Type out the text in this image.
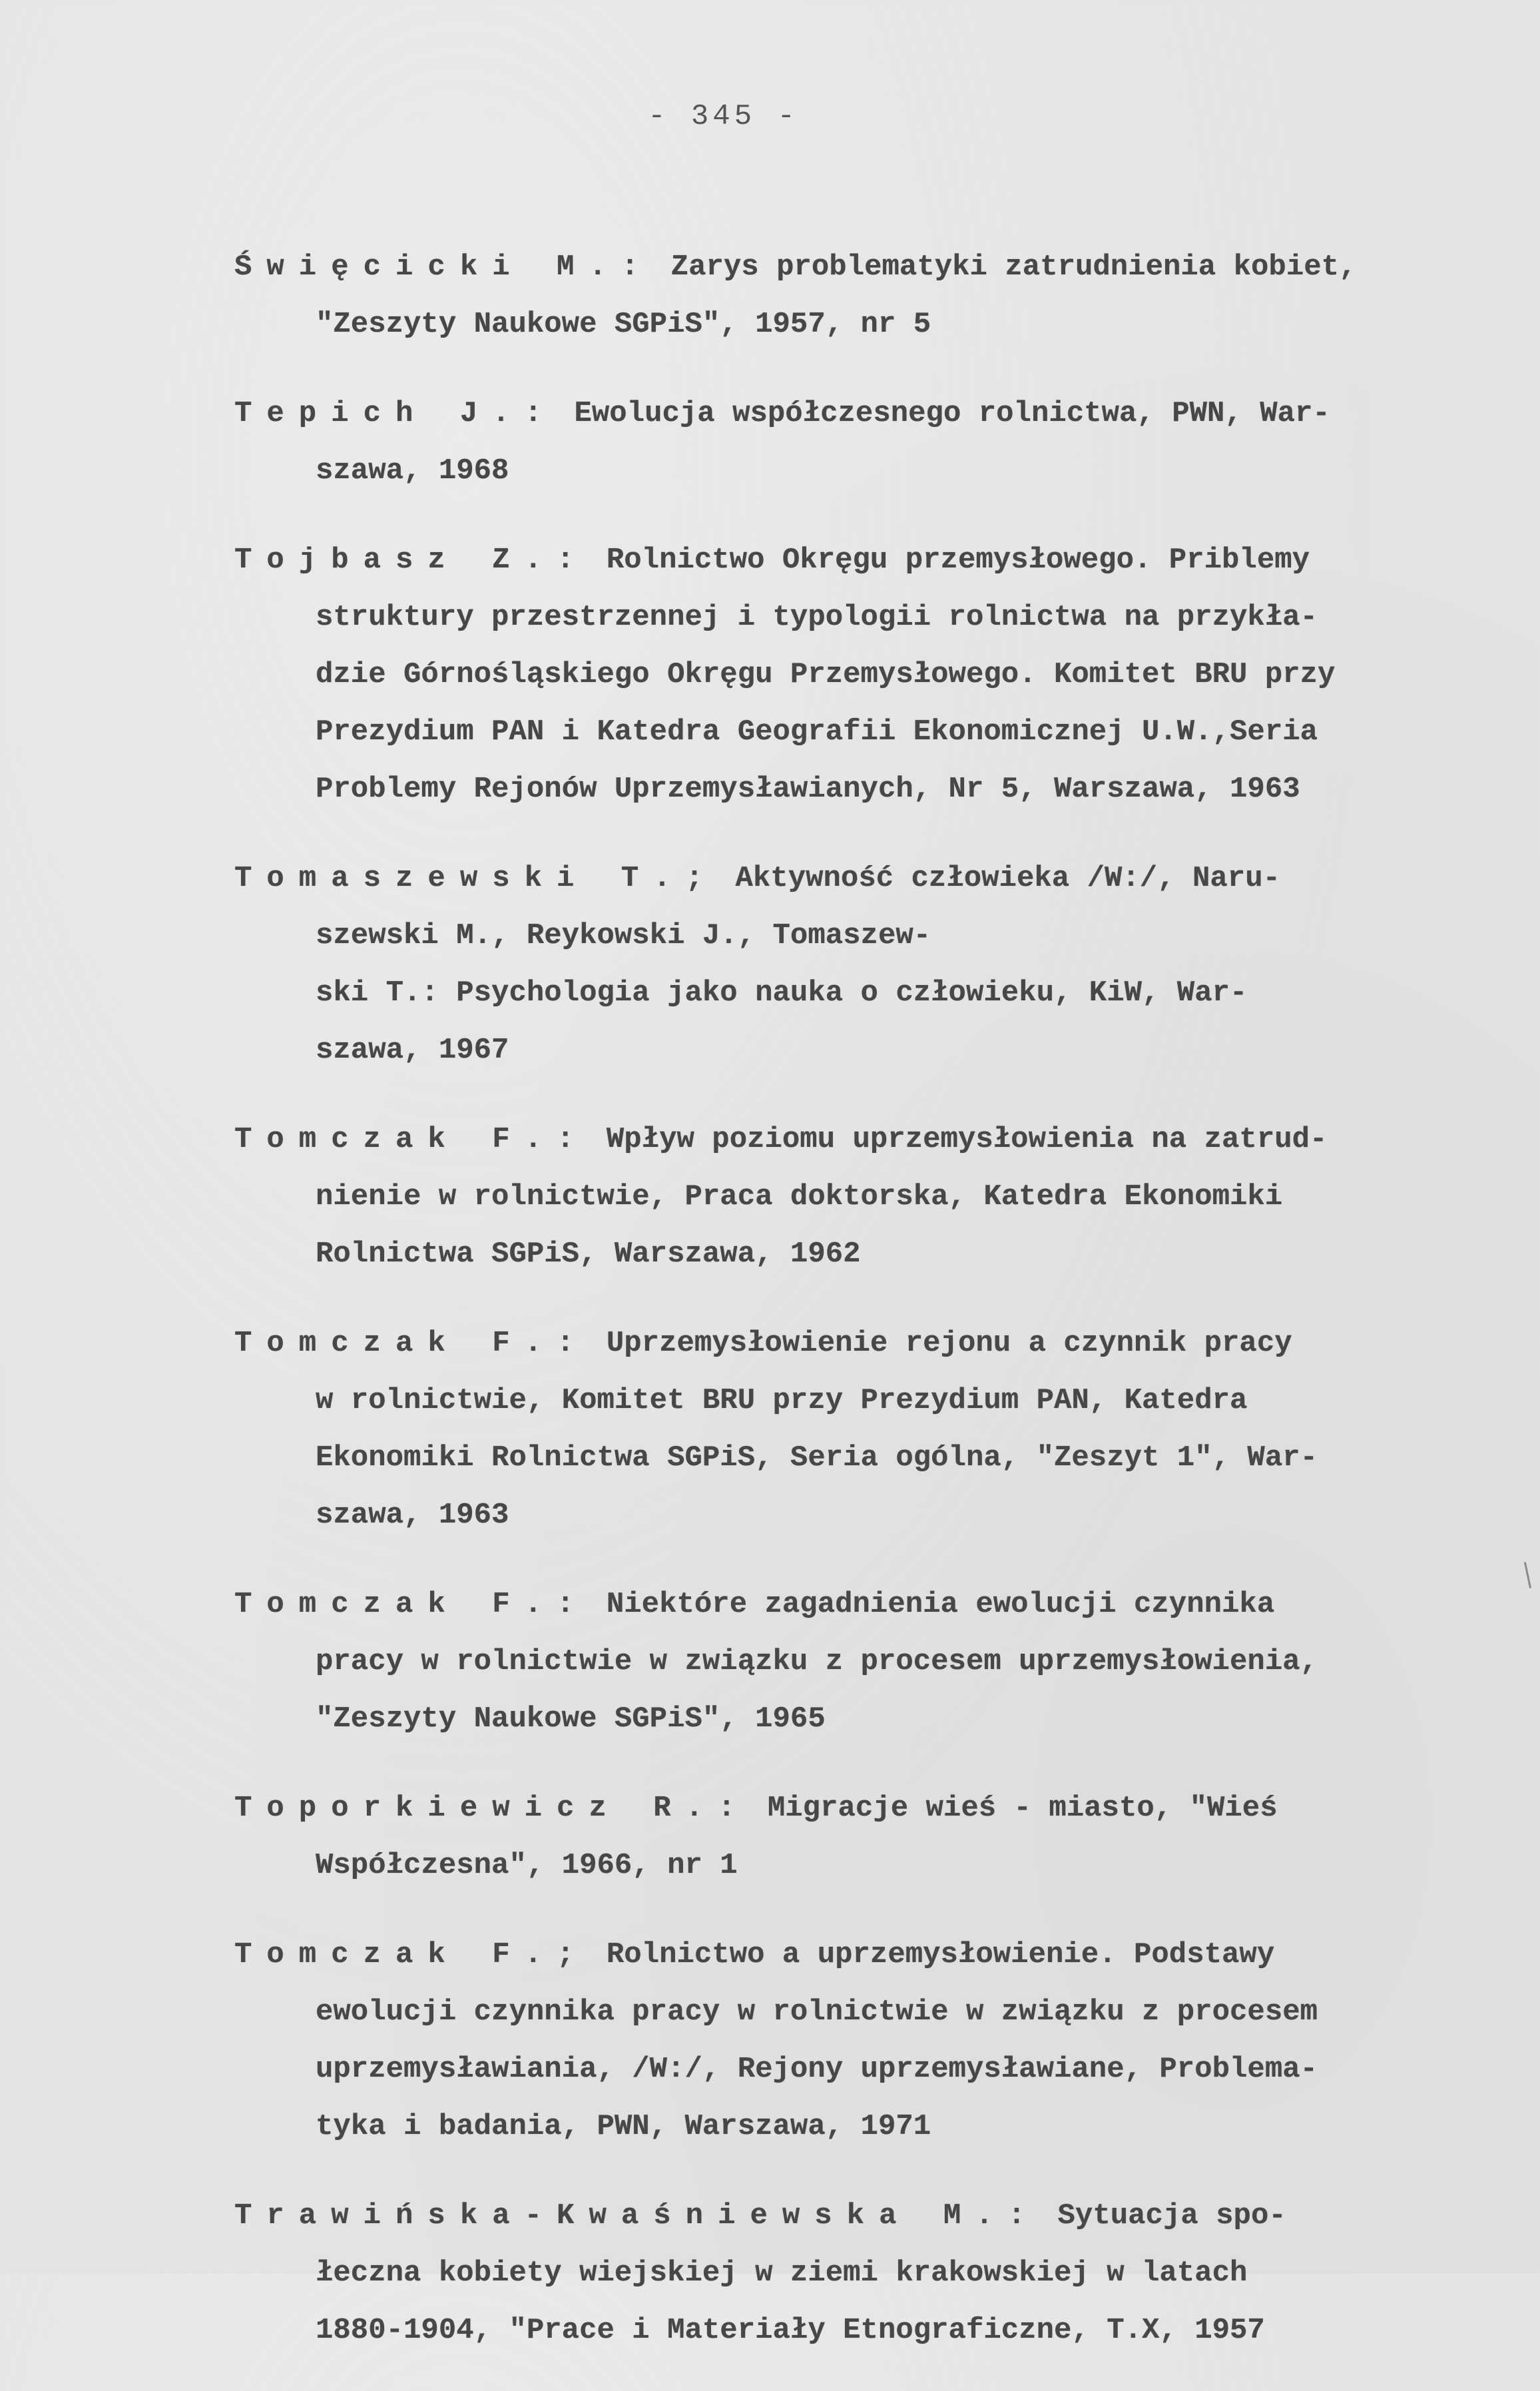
- 345 -
Święcicki M.: Zarys problematyki zatrudnienia kobiet,
"Zeszyty Naukowe SGPiS", 1957, nr 5
Tepich J.: Ewolucja współczesnego rolnictwa, PWN, War-
szawa, 1968
Tojbasz Z.: Rolnictwo Okręgu przemysłowego. Priblemy
struktury przestrzennej i typologii rolnictwa na przykła-
dzie Górnośląskiego Okręgu Przemysłowego. Komitet BRU przy
Prezydium PAN i Katedra Geografii Ekonomicznej U.W.,Seria
Problemy Rejonów Uprzemysławianych, Nr 5, Warszawa, 1963
Tomaszewski T.; Aktywność człowieka /W:/, Naru-
szewski M., Reykowski J., Tomaszew-
ski T.: Psychologia jako nauka o człowieku, KiW, War-
szawa, 1967
Tomczak F.: Wpływ poziomu uprzemysłowienia na zatrud-
nienie w rolnictwie, Praca doktorska, Katedra Ekonomiki
Rolnictwa SGPiS, Warszawa, 1962
Tomczak F.: Uprzemysłowienie rejonu a czynnik pracy
w rolnictwie, Komitet BRU przy Prezydium PAN, Katedra
Ekonomiki Rolnictwa SGPiS, Seria ogólna, "Zeszyt 1", War-
szawa, 1963
Tomczak F.: Niektóre zagadnienia ewolucji czynnika
pracy w rolnictwie w związku z procesem uprzemysłowienia,
"Zeszyty Naukowe SGPiS", 1965
Toporkiewicz R.: Migracje wieś - miasto, "Wieś
Współczesna", 1966, nr 1
Tomczak F.; Rolnictwo a uprzemysłowienie. Podstawy
ewolucji czynnika pracy w rolnictwie w związku z procesem
uprzemysławiania, /W:/, Rejony uprzemysławiane, Problema-
tyka i badania, PWN, Warszawa, 1971
Trawińska-Kwaśniewska M.: Sytuacja spo-
łeczna kobiety wiejskiej w ziemi krakowskiej w latach
1880-1904, "Prace i Materiały Etnograficzne, T.X, 1957
